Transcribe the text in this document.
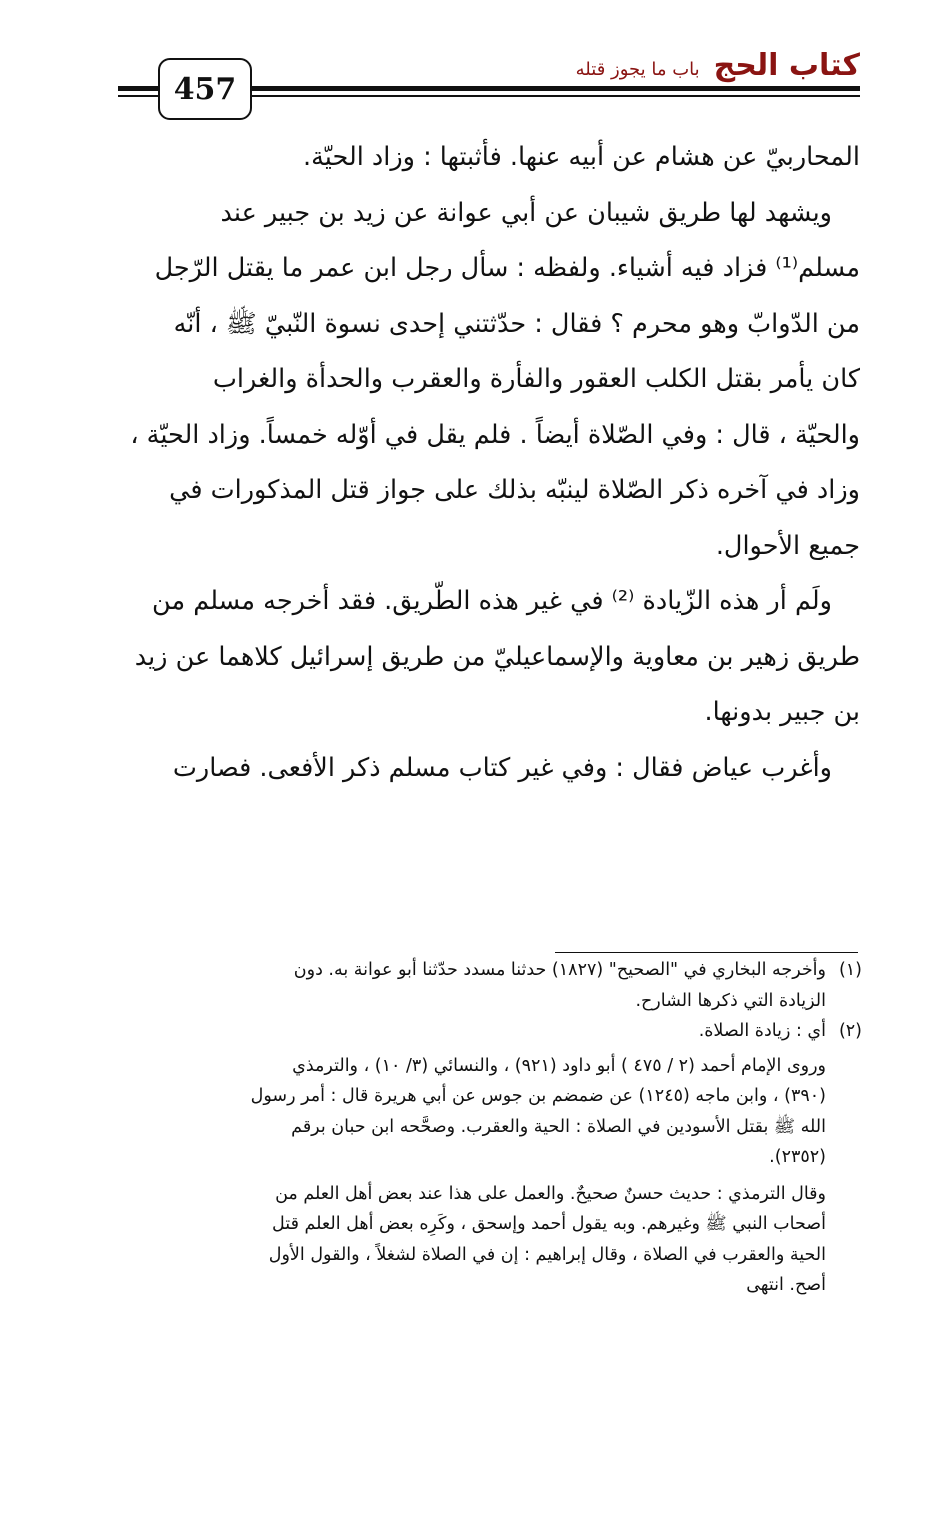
كتاب الحج
باب ما يجوز قتله
457
المحاربيّ عن هشام عن أبيه عنها. فأثبتها : وزاد الحيّة.
ويشهد لها طريق شيبان عن أبي عوانة عن زيد بن جبير عند
مسلم⁽¹⁾ فزاد فيه أشياء. ولفظه : سأل رجل ابن عمر ما يقتل الرّجل
من الدّوابّ وهو محرم ؟ فقال : حدّثتني إحدى نسوة النّبيّ ﷺ ، أنّه
كان يأمر بقتل الكلب العقور والفأرة والعقرب والحدأة والغراب
والحيّة ، قال : وفي الصّلاة أيضاً . فلم يقل في أوّله خمساً. وزاد الحيّة ،
وزاد في آخره ذكر الصّلاة لينبّه بذلك على جواز قتل المذكورات في
جميع الأحوال.
ولَم أر هذه الزّيادة ⁽²⁾ في غير هذه الطّريق. فقد أخرجه مسلم من
طريق زهير بن معاوية والإسماعيليّ من طريق إسرائيل كلاهما عن زيد
بن جبير بدونها.
وأغرب عياض فقال : وفي غير كتاب مسلم ذكر الأفعى. فصارت
(١)وأخرجه البخاري في "الصحيح" (١٨٢٧) حدثنا مسدد حدّثنا أبو عوانة به. دون
الزيادة التي ذكرها الشارح.
(٢)أي : زيادة الصلاة.
وروى الإمام أحمد (٢ / ٤٧٥ ) أبو داود (٩٢١) ، والنسائي (٣/ ١٠) ، والترمذي
(٣٩٠) ، وابن ماجه (١٢٤٥) عن ضمضم بن جوس عن أبي هريرة قال : أمر رسول
الله ﷺ بقتل الأسودين في الصلاة : الحية والعقرب. وصحَّحه ابن حبان برقم
(٢٣٥٢).
وقال الترمذي : حديث حسنٌ صحيحٌ. والعمل على هذا عند بعض أهل العلم من
أصحاب النبي ﷺ وغيرهم. وبه يقول أحمد وإسحق ، وكَرِه بعض أهل العلم قتل
الحية والعقرب في الصلاة ، وقال إبراهيم : إن في الصلاة لشغلاً ، والقول الأول
أصح. انتهى
